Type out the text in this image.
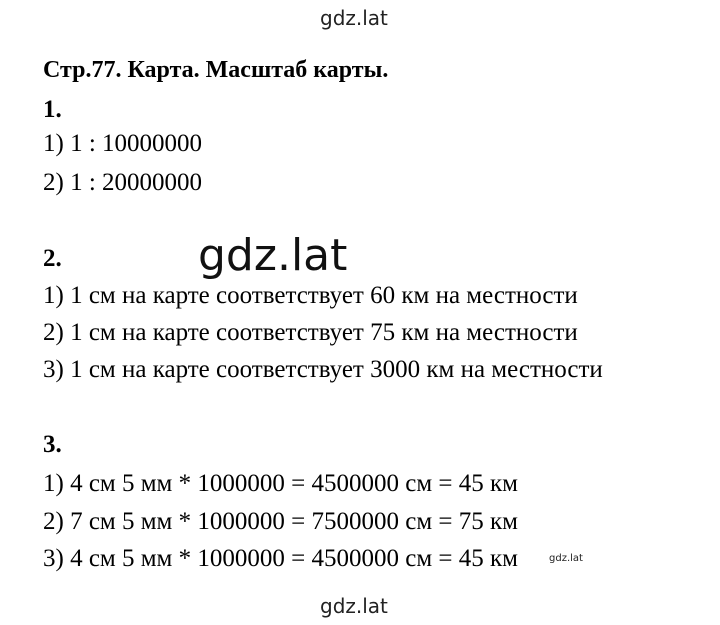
gdz.lat
Стр.77. Карта. Масштаб карты.
1.
1) 1 : 10000000
2) 1 : 20000000
gdz.lat
2.
1) 1 см на карте соответствует 60 км на местности
2) 1 см на карте соответствует 75 км на местности
3) 1 см на карте соответствует 3000 км на местности
3.
1) 4 см 5 мм * 1000000 = 4500000 см = 45 км
2) 7 см 5 мм * 1000000 = 7500000 см = 75 км
3) 4 см 5 мм * 1000000 = 4500000 см = 45 км	gdz.lat
gdz.lat
